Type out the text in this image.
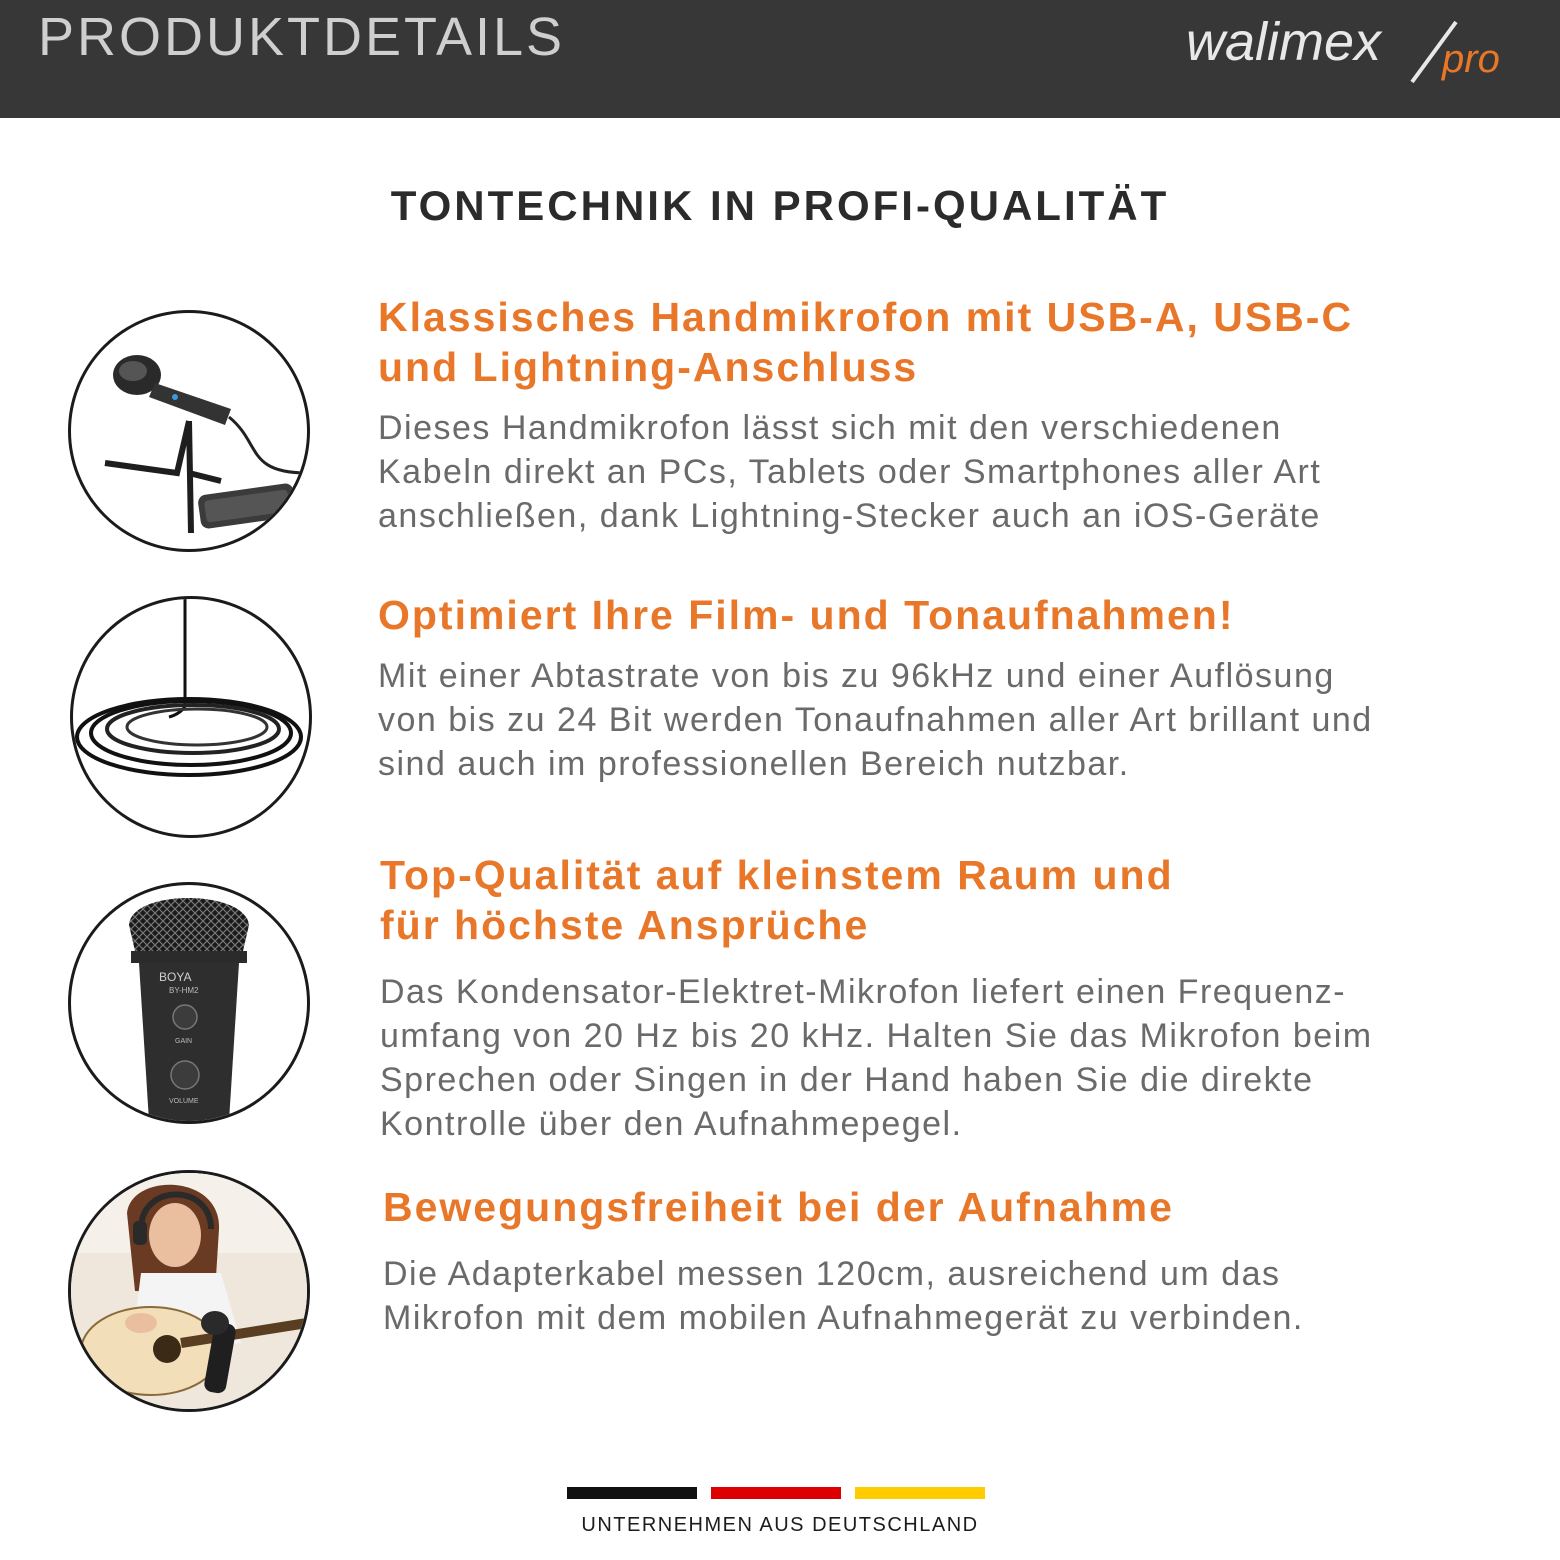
PRODUKTDETAILS	walimex pro
TONTECHNIK IN PROFI-QUALITÄT
Klassisches Handmikrofon mit USB-A, USB-C
und Lightning-Anschluss
Dieses Handmikrofon lässt sich mit den verschiedenen
Kabeln direkt an PCs, Tablets oder Smartphones aller Art
anschließen, dank Lightning-Stecker auch an iOS-Geräte
Optimiert Ihre Film- und Tonaufnahmen!
Mit einer Abtastrate von bis zu 96kHz und einer Auflösung
von bis zu 24 Bit werden Tonaufnahmen aller Art brillant und
sind auch im professionellen Bereich nutzbar.
BOYA
BY-HM2
GAIN
VOLUME
Top-Qualität auf kleinstem Raum und
für höchste Ansprüche
Das Kondensator-Elektret-Mikrofon liefert einen Frequenz-
umfang von 20 Hz bis 20 kHz. Halten Sie das Mikrofon beim
Sprechen oder Singen in der Hand haben Sie die direkte
Kontrolle über den Aufnahmepegel.
Bewegungsfreiheit bei der Aufnahme
Die Adapterkabel messen 120cm, ausreichend um das
Mikrofon mit dem mobilen Aufnahmegerät zu verbinden.
UNTERNEHMEN AUS DEUTSCHLAND
